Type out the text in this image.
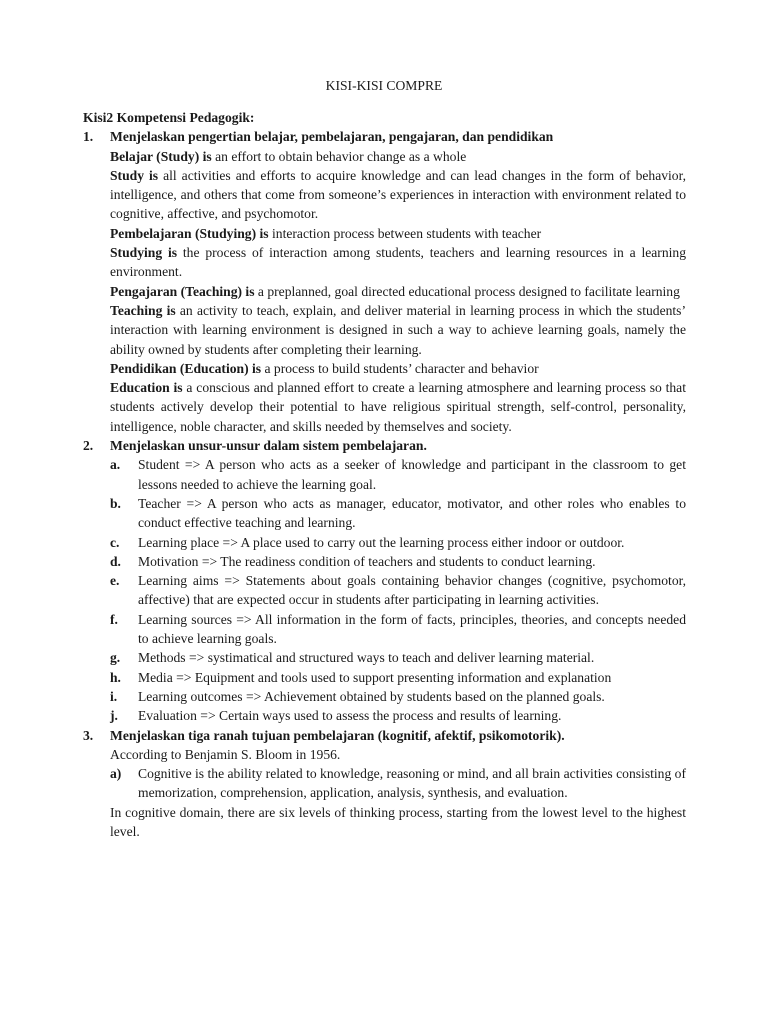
KISI-KISI COMPRE
Kisi2 Kompetensi Pedagogik:
1. Menjelaskan pengertian belajar, pembelajaran, pengajaran, dan pendidikan
Belajar (Study) is an effort to obtain behavior change as a whole
Study is all activities and efforts to acquire knowledge and can lead changes in the form of behavior, intelligence, and others that come from someone’s experiences in interaction with environment related to cognitive, affective, and psychomotor.
Pembelajaran (Studying) is interaction process between students with teacher
Studying is the process of interaction among students, teachers and learning resources in a learning environment.
Pengajaran (Teaching) is a preplanned, goal directed educational process designed to facilitate learning
Teaching is an activity to teach, explain, and deliver material in learning process in which the students’ interaction with learning environment is designed in such a way to achieve learning goals, namely the ability owned by students after completing their learning.
Pendidikan (Education) is a process to build students’ character and behavior
Education is a conscious and planned effort to create a learning atmosphere and learning process so that students actively develop their potential to have religious spiritual strength, self-control, personality, intelligence, noble character, and skills needed by themselves and society.
2. Menjelaskan unsur-unsur dalam sistem pembelajaran.
a. Student => A person who acts as a seeker of knowledge and participant in the classroom to get lessons needed to achieve the learning goal.
b. Teacher => A person who acts as manager, educator, motivator, and other roles who enables to conduct effective teaching and learning.
c. Learning place => A place used to carry out the learning process either indoor or outdoor.
d. Motivation => The readiness condition of teachers and students to conduct learning.
e. Learning aims => Statements about goals containing behavior changes (cognitive, psychomotor, affective) that are expected occur in students after participating in learning activities.
f. Learning sources => All information in the form of facts, principles, theories, and concepts needed to achieve learning goals.
g. Methods => systimatical and structured ways to teach and deliver learning material.
h. Media => Equipment and tools used to support presenting information and explanation
i. Learning outcomes => Achievement obtained by students based on the planned goals.
j. Evaluation => Certain ways used to assess the process and results of learning.
3. Menjelaskan tiga ranah tujuan pembelajaran (kognitif, afektif, psikomotorik).
According to Benjamin S. Bloom in 1956.
a) Cognitive is the ability related to knowledge, reasoning or mind, and all brain activities consisting of memorization, comprehension, application, analysis, synthesis, and evaluation.
In cognitive domain, there are six levels of thinking process, starting from the lowest level to the highest level.
